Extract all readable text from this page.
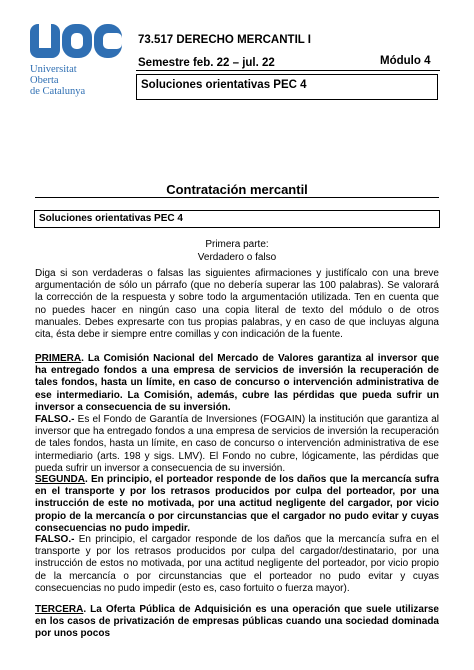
Universitat
Oberta
de Catalunya
73.517 DERECHO MERCANTIL I
Semestre feb. 22 – jul. 22	Módulo 4
Soluciones orientativas PEC 4
Contratación mercantil
Soluciones orientativas PEC 4
Primera parte:
Verdadero o falso
Diga si son verdaderas o falsas las siguientes afirmaciones y justifícalo con una breve argumentación de sólo un párrafo (que no debería superar las 100 palabras). Se valorará la corrección de la respuesta y sobre todo la argumentación utilizada. Ten en cuenta que no puedes hacer en ningún caso una copia literal de texto del módulo o de otros manuales. Debes expresarte con tus propias palabras, y en caso de que incluyas alguna cita, ésta debe ir siempre entre comillas y con indicación de la fuente.
PRIMERA. La Comisión Nacional del Mercado de Valores garantiza al inversor que ha entregado fondos a una empresa de servicios de inversión la recuperación de tales fondos, hasta un límite, en caso de concurso o intervención administrativa de ese intermediario. La Comisión, además, cubre las pérdidas que pueda sufrir un inversor a consecuencia de su inversión.
FALSO.- Es el Fondo de Garantía de Inversiones (FOGAIN) la institución que garantiza al inversor que ha entregado fondos a una empresa de servicios de inversión la recuperación de tales fondos, hasta un límite, en caso de concurso o intervención administrativa de ese intermediario (arts. 198 y sigs. LMV). El Fondo no cubre, lógicamente, las pérdidas que pueda sufrir un inversor a consecuencia de su inversión.
SEGUNDA. En principio, el porteador responde de los daños que la mercancía sufra en el transporte y por los retrasos producidos por culpa del porteador, por una instrucción de este no motivada, por una actitud negligente del cargador, por vicio propio de la mercancía o por circunstancias que el cargador no pudo evitar y cuyas consecuencias no pudo impedir.
FALSO.- En principio, el cargador responde de los daños que la mercancía sufra en el transporte y por los retrasos producidos por culpa del cargador/destinatario, por una instrucción de estos no motivada, por una actitud negligente del porteador, por vicio propio de la mercancía o por circunstancias que el porteador no pudo evitar y cuyas consecuencias no pudo impedir (esto es, caso fortuito o fuerza mayor).
TERCERA. La Oferta Pública de Adquisición es una operación que suele utilizarse en los casos de privatización de empresas públicas cuando una sociedad dominada por unos pocos
